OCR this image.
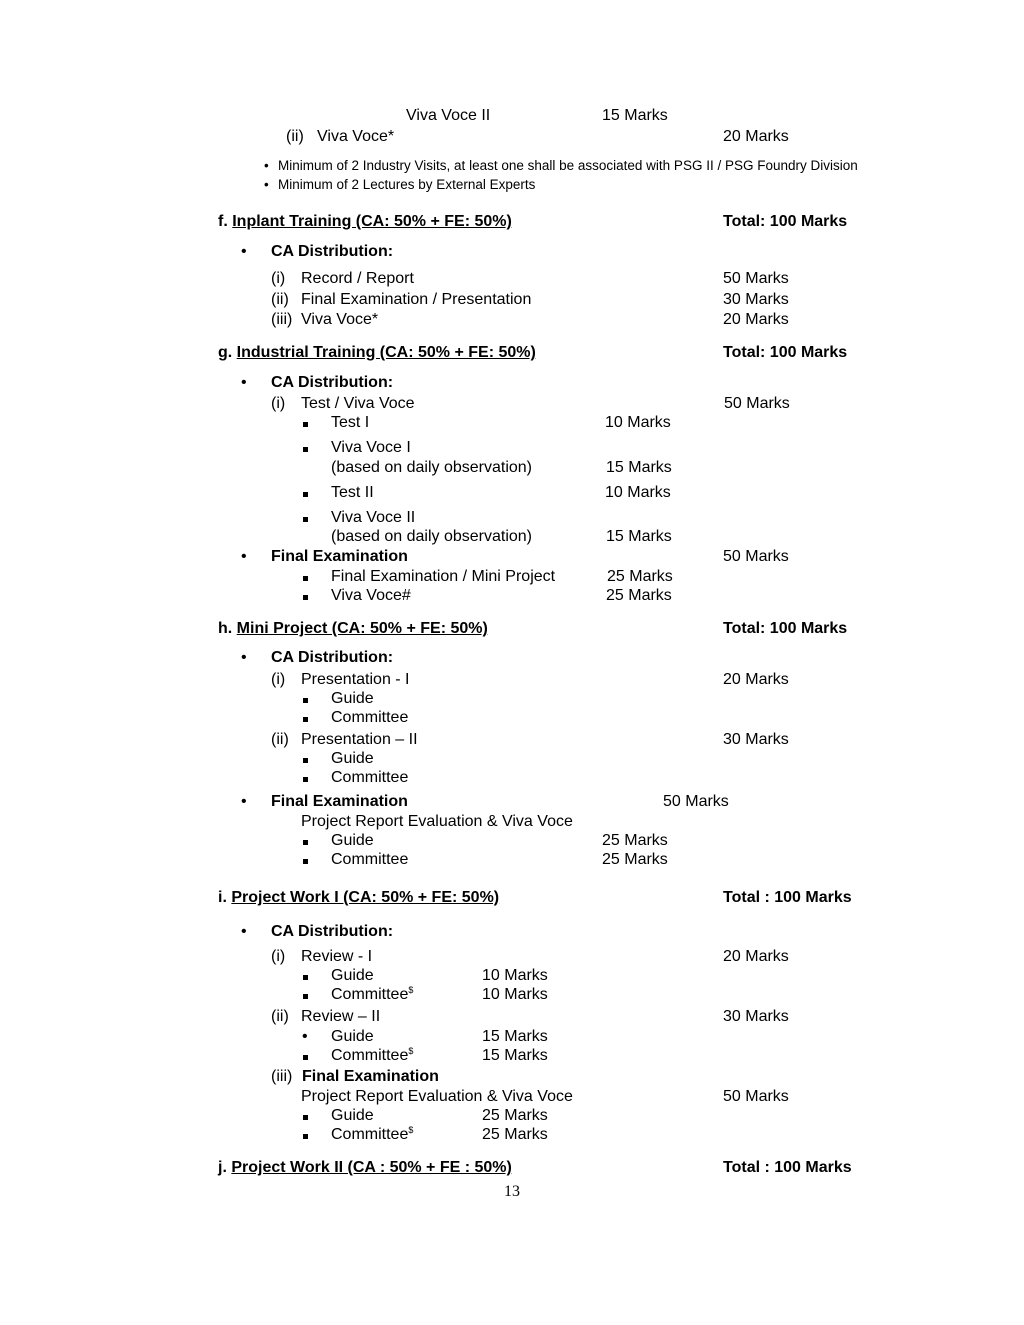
Viva Voce II	15 Marks
(ii) Viva Voce*	20 Marks
• Minimum of 2 Industry Visits, at least one shall be associated with PSG II / PSG Foundry Division
• Minimum of 2 Lectures by External Experts
f. Inplant Training (CA: 50% + FE: 50%)	Total: 100 Marks
• CA Distribution:
(i) Record / Report	50 Marks
(ii) Final Examination / Presentation	30 Marks
(iii) Viva Voce*	20 Marks
g. Industrial Training (CA: 50% + FE: 50%)	Total: 100 Marks
• CA Distribution:
(i) Test / Viva Voce	50 Marks
Test I	10 Marks
Viva Voce I
(based on daily observation)	15 Marks
Test II	10 Marks
Viva Voce II
(based on daily observation)	15 Marks
• Final Examination	50 Marks
Final Examination / Mini Project	25 Marks
Viva Voce#	25 Marks
h. Mini Project (CA: 50% + FE: 50%)	Total: 100 Marks
• CA Distribution:
(i) Presentation - I	20 Marks
Guide
Committee
(ii) Presentation – II	30 Marks
Guide
Committee
• Final Examination	50 Marks
Project Report Evaluation & Viva Voce
Guide	25 Marks
Committee	25 Marks
i. Project Work I (CA: 50% + FE: 50%)	Total : 100 Marks
• CA Distribution:
(i) Review - I	20 Marks
Guide	10 Marks
Committee$	10 Marks
(ii) Review – II	30 Marks
• Guide	15 Marks
Committee$	15 Marks
(iii) Final Examination
Project Report Evaluation & Viva Voce	50 Marks
Guide	25 Marks
Committee$	25 Marks
j. Project Work II (CA : 50% + FE : 50%)	Total : 100 Marks
13
